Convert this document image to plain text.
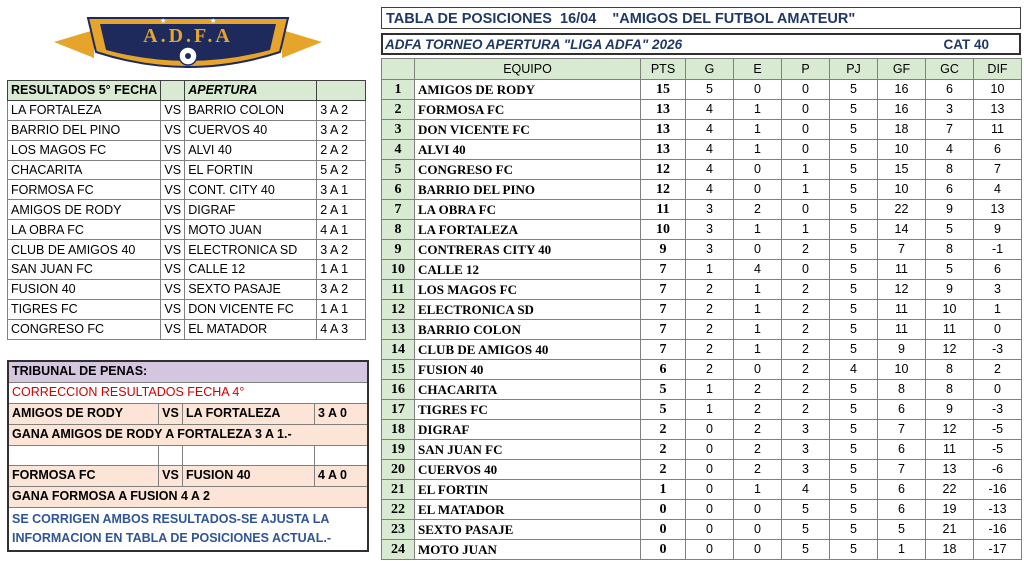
A.D.F.A
★	★
RESULTADOS 5° FECHA		APERTURA	
LA FORTALEZA	VS	BARRIO COLON	3 A 2
BARRIO DEL PINO	VS	CUERVOS 40	3 A 2
LOS MAGOS FC	VS	ALVI 40	2 A 2
CHACARITA	VS	EL FORTIN	5 A 2
FORMOSA FC	VS	CONT. CITY 40	3 A 1
AMIGOS DE RODY	VS	DIGRAF	2 A 1
LA OBRA FC	VS	MOTO JUAN	4 A 1
CLUB DE AMIGOS 40	VS	ELECTRONICA SD	3 A 2
SAN JUAN FC	VS	CALLE 12	1 A 1
FUSION 40	VS	SEXTO PASAJE	3 A 2
TIGRES FC	VS	DON VICENTE FC	1 A 1
CONGRESO FC	VS	EL MATADOR	4 A 3
TRIBUNAL DE PENAS:
CORRECCION RESULTADOS FECHA 4°
AMIGOS DE RODY	VS LA FORTALEZA	3 A 0
GANA AMIGOS DE RODY A FORTALEZA 3 A 1.-
FORMOSA FC	VS FUSION 40	4 A 0
GANA FORMOSA A FUSION 4 A 2
SE CORRIGEN AMBOS RESULTADOS-SE AJUSTA LA INFORMACION EN TABLA DE POSICIONES ACTUAL.-
TABLA DE POSICIONES  16/04    "AMIGOS DEL FUTBOL AMATEUR"
ADFA TORNEO APERTURA "LIGA ADFA" 2026	CAT 40
	EQUIPO	PTS	G	E	P	PJ	GF	GC	DIF
1	AMIGOS DE RODY	15	5	0	0	5	16	6	10
2	FORMOSA FC	13	4	1	0	5	16	3	13
3	DON VICENTE FC	13	4	1	0	5	18	7	11
4	ALVI 40	13	4	1	0	5	10	4	6
5	CONGRESO FC	12	4	0	1	5	15	8	7
6	BARRIO DEL PINO	12	4	0	1	5	10	6	4
7	LA OBRA FC	11	3	2	0	5	22	9	13
8	LA FORTALEZA	10	3	1	1	5	14	5	9
9	CONTRERAS CITY 40	9	3	0	2	5	7	8	-1
10	CALLE 12	7	1	4	0	5	11	5	6
11	LOS MAGOS FC	7	2	1	2	5	12	9	3
12	ELECTRONICA SD	7	2	1	2	5	11	10	1
13	BARRIO COLON	7	2	1	2	5	11	11	0
14	CLUB DE AMIGOS 40	7	2	1	2	5	9	12	-3
15	FUSION 40	6	2	0	2	4	10	8	2
16	CHACARITA	5	1	2	2	5	8	8	0
17	TIGRES FC	5	1	2	2	5	6	9	-3
18	DIGRAF	2	0	2	3	5	7	12	-5
19	SAN JUAN FC	2	0	2	3	5	6	11	-5
20	CUERVOS 40	2	0	2	3	5	7	13	-6
21	EL FORTIN	1	0	1	4	5	6	22	-16
22	EL MATADOR	0	0	0	5	5	6	19	-13
23	SEXTO PASAJE	0	0	0	5	5	5	21	-16
24	MOTO JUAN	0	0	0	5	5	1	18	-17
